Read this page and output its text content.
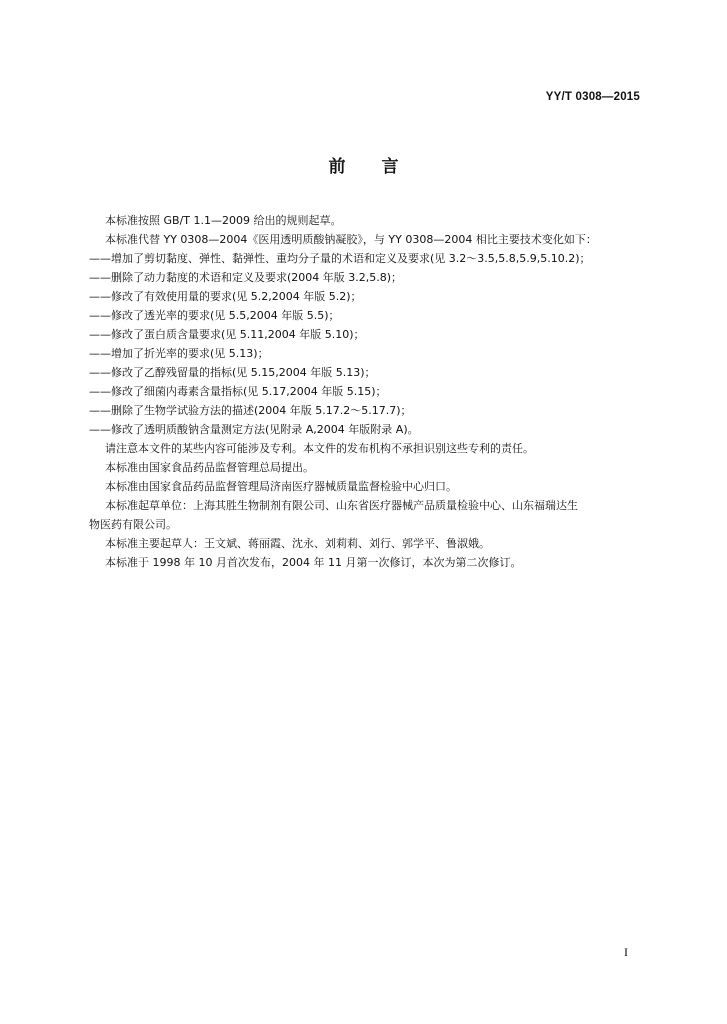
YY/T 0308—2015
前言
本标准按照 GB/T 1.1—2009 给出的规则起草。
本标准代替 YY 0308—2004《医用透明质酸钠凝胶》，与 YY 0308—2004 相比主要技术变化如下：
——增加了剪切黏度、弹性、黏弹性、重均分子量的术语和定义及要求(见 3.2～3.5,5.8,5.9,5.10.2)；
——删除了动力黏度的术语和定义及要求(2004 年版 3.2,5.8)；
——修改了有效使用量的要求(见 5.2,2004 年版 5.2)；
——修改了透光率的要求(见 5.5,2004 年版 5.5)；
——修改了蛋白质含量要求(见 5.11,2004 年版 5.10)；
——增加了折光率的要求(见 5.13)；
——修改了乙醇残留量的指标(见 5.15,2004 年版 5.13)；
——修改了细菌内毒素含量指标(见 5.17,2004 年版 5.15)；
——删除了生物学试验方法的描述(2004 年版 5.17.2～5.17.7)；
——修改了透明质酸钠含量测定方法(见附录 A,2004 年版附录 A)。
请注意本文件的某些内容可能涉及专利。本文件的发布机构不承担识别这些专利的责任。
本标准由国家食品药品监督管理总局提出。
本标准由国家食品药品监督管理局济南医疗器械质量监督检验中心归口。
本标准起草单位：上海其胜生物制剂有限公司、山东省医疗器械产品质量检验中心、山东福瑞达生
物医药有限公司。
本标准主要起草人：王文斌、蒋丽霞、沈永、刘莉莉、刘行、郭学平、鲁淑娥。
本标准于 1998 年 10 月首次发布，2004 年 11 月第一次修订，本次为第二次修订。
I
